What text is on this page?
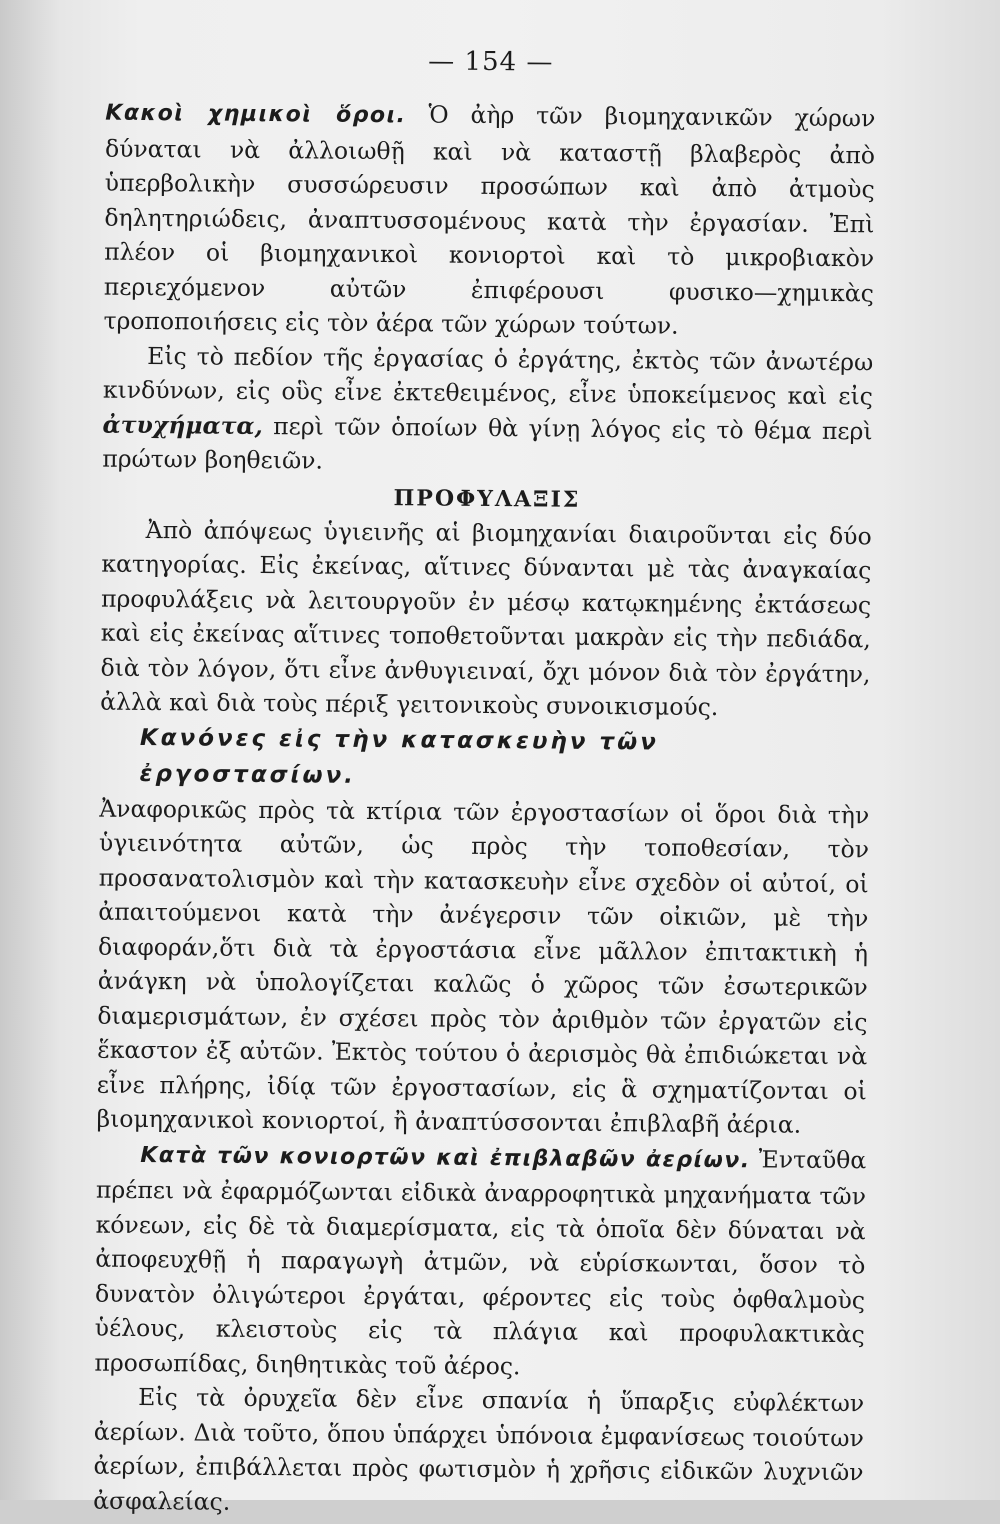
— 154 —

Κακοὶ χημικοὶ ὅροι. Ὁ ἀὴρ τῶν βιομηχανικῶν χώρων δύναται νὰ ἀλλοιωθῇ καὶ νὰ καταστῇ βλαβερὸς ἀπὸ ὑπερβολικὴν συσσώρευσιν προσώπων καὶ ἀπὸ ἀτμοὺς δηλητηριώδεις, ἀναπτυσσομένους κατὰ τὴν ἐργασίαν. Ἐπὶ πλέον οἱ βιομηχανικοὶ κονιορτοὶ καὶ τὸ μικροβιακὸν περιεχόμενον αὐτῶν ἐπιφέρουσι φυσικο—χημικὰς τροποποιήσεις εἰς τὸν ἀέρα τῶν χώρων τούτων.

Εἰς τὸ πεδίον τῆς ἐργασίας ὁ ἐργάτης, ἐκτὸς τῶν ἀνωτέρω κινδύνων, εἰς οὓς εἶνε ἐκτεθειμένος, εἶνε ὑποκείμενος καὶ εἰς ἀτυχήματα, περὶ τῶν ὁποίων θὰ γίνῃ λόγος εἰς τὸ θέμα περὶ πρώτων βοηθειῶν.

ΠΡΟΦΥΛΑΞΙΣ

Ἀπὸ ἀπόψεως ὑγιεινῆς αἱ βιομηχανίαι διαιροῦνται εἰς δύο κατηγορίας. Εἰς ἐκείνας, αἵτινες δύνανται μὲ τὰς ἀναγκαίας προφυλάξεις νὰ λειτουργοῦν ἐν μέσῳ κατῳκημένης ἐκτάσεως καὶ εἰς ἐκείνας αἵτινες τοποθετοῦνται μακρὰν εἰς τὴν πεδιάδα, διὰ τὸν λόγον, ὅτι εἶνε ἀνθυγιειναί, ὄχι μόνον διὰ τὸν ἐργάτην, ἀλλὰ καὶ διὰ τοὺς πέριξ γειτονικοὺς συνοικισμούς.

Κανόνες εἰς τὴν κατασκευὴν τῶν ἐργοστασίων.

Ἀναφορικῶς πρὸς τὰ κτίρια τῶν ἐργοστασίων οἱ ὅροι διὰ τὴν ὑγιεινότητα αὐτῶν, ὡς πρὸς τὴν τοποθεσίαν, τὸν προσανατολισμὸν καὶ τὴν κατασκευὴν εἶνε σχεδὸν οἱ αὐτοί, οἱ ἀπαιτούμενοι κατὰ τὴν ἀνέγερσιν τῶν οἰκιῶν, μὲ τὴν διαφοράν,ὅτι διὰ τὰ ἐργοστάσια εἶνε μᾶλλον ἐπιτακτικὴ ἡ ἀνάγκη νὰ ὑπολογίζεται καλῶς ὁ χῶρος τῶν ἐσωτερικῶν διαμερισμάτων, ἐν σχέσει πρὸς τὸν ἀριθμὸν τῶν ἐργατῶν εἰς ἕκαστον ἐξ αὐτῶν. Ἐκτὸς τούτου ὁ ἀερισμὸς θὰ ἐπιδιώκεται νὰ εἶνε πλήρης, ἰδίᾳ τῶν ἐργοστασίων, εἰς ἃ σχηματίζονται οἱ βιομηχανικοὶ κονιορτοί, ἢ ἀναπτύσσονται ἐπιβλαβῆ ἀέρια.

Κατὰ τῶν κονιορτῶν καὶ ἐπιβλαβῶν ἀερίων. Ἐνταῦθα πρέπει νὰ ἐφαρμόζωνται εἰδικὰ ἀναρροφητικὰ μηχανήματα τῶν κόνεων, εἰς δὲ τὰ διαμερίσματα, εἰς τὰ ὁποῖα δὲν δύναται νὰ ἀποφευχθῇ ἡ παραγωγὴ ἀτμῶν, νὰ εὑρίσκωνται, ὅσον τὸ δυνατὸν ὀλιγώτεροι ἐργάται, φέροντες εἰς τοὺς ὀφθαλμοὺς ὑέλους, κλειστοὺς εἰς τὰ πλάγια καὶ προφυλακτικὰς προσωπίδας, διηθητικὰς τοῦ ἀέρος.

Εἰς τὰ ὀρυχεῖα δὲν εἶνε σπανία ἡ ὕπαρξις εὐφλέκτων ἀερίων. Διὰ τοῦτο, ὅπου ὑπάρχει ὑπόνοια ἐμφανίσεως τοιούτων ἀερίων, ἐπιβάλλεται πρὸς φωτισμὸν ἡ χρῆσις εἰδικῶν λυχνιῶν ἀσφαλείας.
